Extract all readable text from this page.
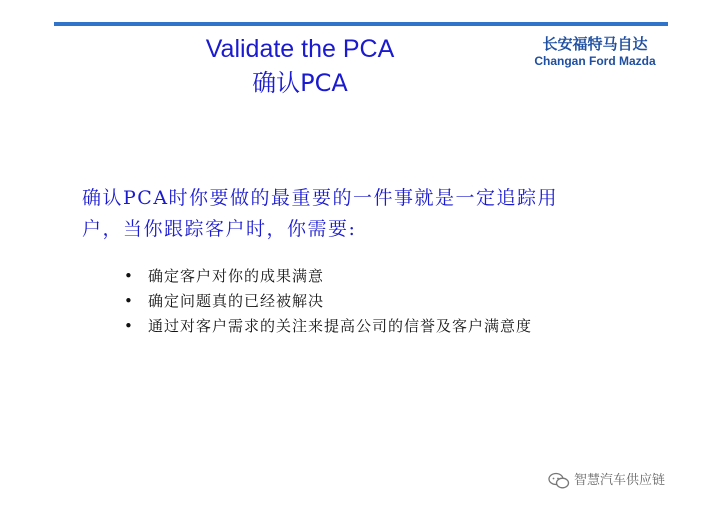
Validate the PCA
确认PCA
长安福特马自达
Changan Ford Mazda
确认PCA时你要做的最重要的一件事就是一定追踪用
户，当你跟踪客户时，你需要:
• 确定客户对你的成果满意
• 确定问题真的已经被解决
• 通过对客户需求的关注来提高公司的信誉及客户满意度
智慧汽车供应链
